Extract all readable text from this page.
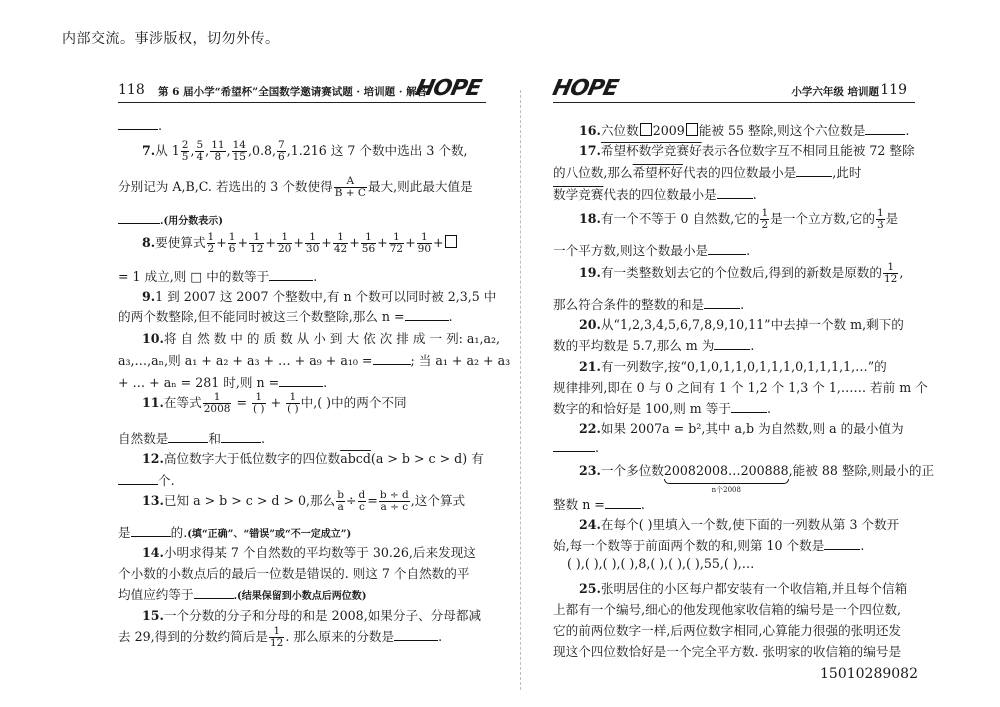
内部交流。事涉版权，切勿外传。
118 第 6 届小学“希望杯”全国数学邀请赛试题 · 培训题 · 解答
HOPE
.
7.从 $1 \frac{2}{5}$ , $\frac{5}{4}$ , $\frac{11}{8}$ , $\frac{14}{15} ,0.8$, $\frac{7}{6}$ ,1.2̇16̇ 这 7 个数中选出 3 个数,
分别记为 A,B,C. 若选出的 3 个数使得 $\frac{A}{B + C}$ 最大,则此最大值是
.(用分数表示)
8.要使算式 $\frac{1}{2} + \frac{1}{6} + \frac{1}{12} + \frac{1}{20} + \frac{1}{30} + \frac{1}{42} + \frac{1}{56} + \frac{1}{72} + \frac{1}{90}$ +
= 1 成立,则 □ 中的数等于	.
9.1 到 2007 这 2007 个整数中,有 n 个数可以同时被 2,3,5 中
的两个数整除,但不能同时被这三个数整除,那么 n =	.
10.将 自 然 数 中 的 质 数 从 小 到 大 依 次 排 成 一 列: a₁,a₂,
a₃,…,aₙ,则 a₁ + a₂ + a₃ + … + a₉ + a₁₀ =	; 当 a₁ + a₂ + a₃
+ … + aₙ = 281 时,则 n =	.
11.在等式 $\frac{1}{2008} = \frac{1}{( )} + \frac{1}{( )}$ 中,( )中的两个不同
自然数是	和	.
12.高位数字大于低位数字的四位数abcd(a > b > c > d) 有
个.
13.已知 a > b > c > d > 0,那么 $\frac{b}{a} \div \frac{d}{c} = \frac{b \div d}{a \div c}$ ,这个算式
是	的.(填“正确”、“错误”或“不一定成立”)
14.小明求得某 7 个自然数的平均数等于 30.26,后来发现这
个小数的小数点后的最后一位数是错误的. 则这 7 个自然数的平
均值应约等于	.(结果保留到小数点后两位数)
15.一个分数的分子和分母的和是 2008,如果分子、分母都减
去 29,得到的分数约简后是 $\frac{1}{12}$ . 那么原来的分数是	.
HOPE	小学六年级 培训题 119
16.六位数 2009 能被 55 整除,则这个六位数是	.
17.希望杯数学竞赛好表示各位数字互不相同且能被 72 整除
的八位数,那么希望杯好代表的四位数最小是	,此时
数学竞赛代表的四位数最小是	.
18.有一个不等于 0 自然数,它的 $\frac{1}{2}$ 是一个立方数,它的 $\frac{1}{3}$ 是
一个平方数,则这个数最小是	.
19.有一类整数划去它的个位数后,得到的新数是原数的 $\frac{1}{12}$ ,
那么符合条件的整数的和是	.
20.从“1,2,3,4,5,6,7,8,9,10,11”中去掉一个数 m,剩下的
数的平均数是 5.7,那么 m 为	.
21.有一列数字,按“0,1,0,1,1,0,1,1,1,0,1,1,1,1,…”的
规律排列,即在 0 与 0 之间有 1 个 1,2 个 1,3 个 1,…… 若前 m 个
数字的和恰好是 100,则 m 等于	.
22.如果 2007a = b²,其中 a,b 为自然数,则 a 的最小值为
.
23.一个多位数20082008…200888
n个2008
,能被 88 整除,则最小的正
整数 n =	.
24.在每个( )里填入一个数,使下面的一列数从第 3 个数开
始,每一个数等于前面两个数的和,则第 10 个数是	.
( ),( ),( ),( ),8,( ),( ),( ),55,( ),…
25.张明居住的小区每户都安装有一个收信箱,并且每个信箱
上都有一个编号,细心的他发现他家收信箱的编号是一个四位数,
它的前两位数字一样,后两位数字相同,心算能力很强的张明还发
现这个四位数恰好是一个完全平方数. 张明家的收信箱的编号是
15010289082
